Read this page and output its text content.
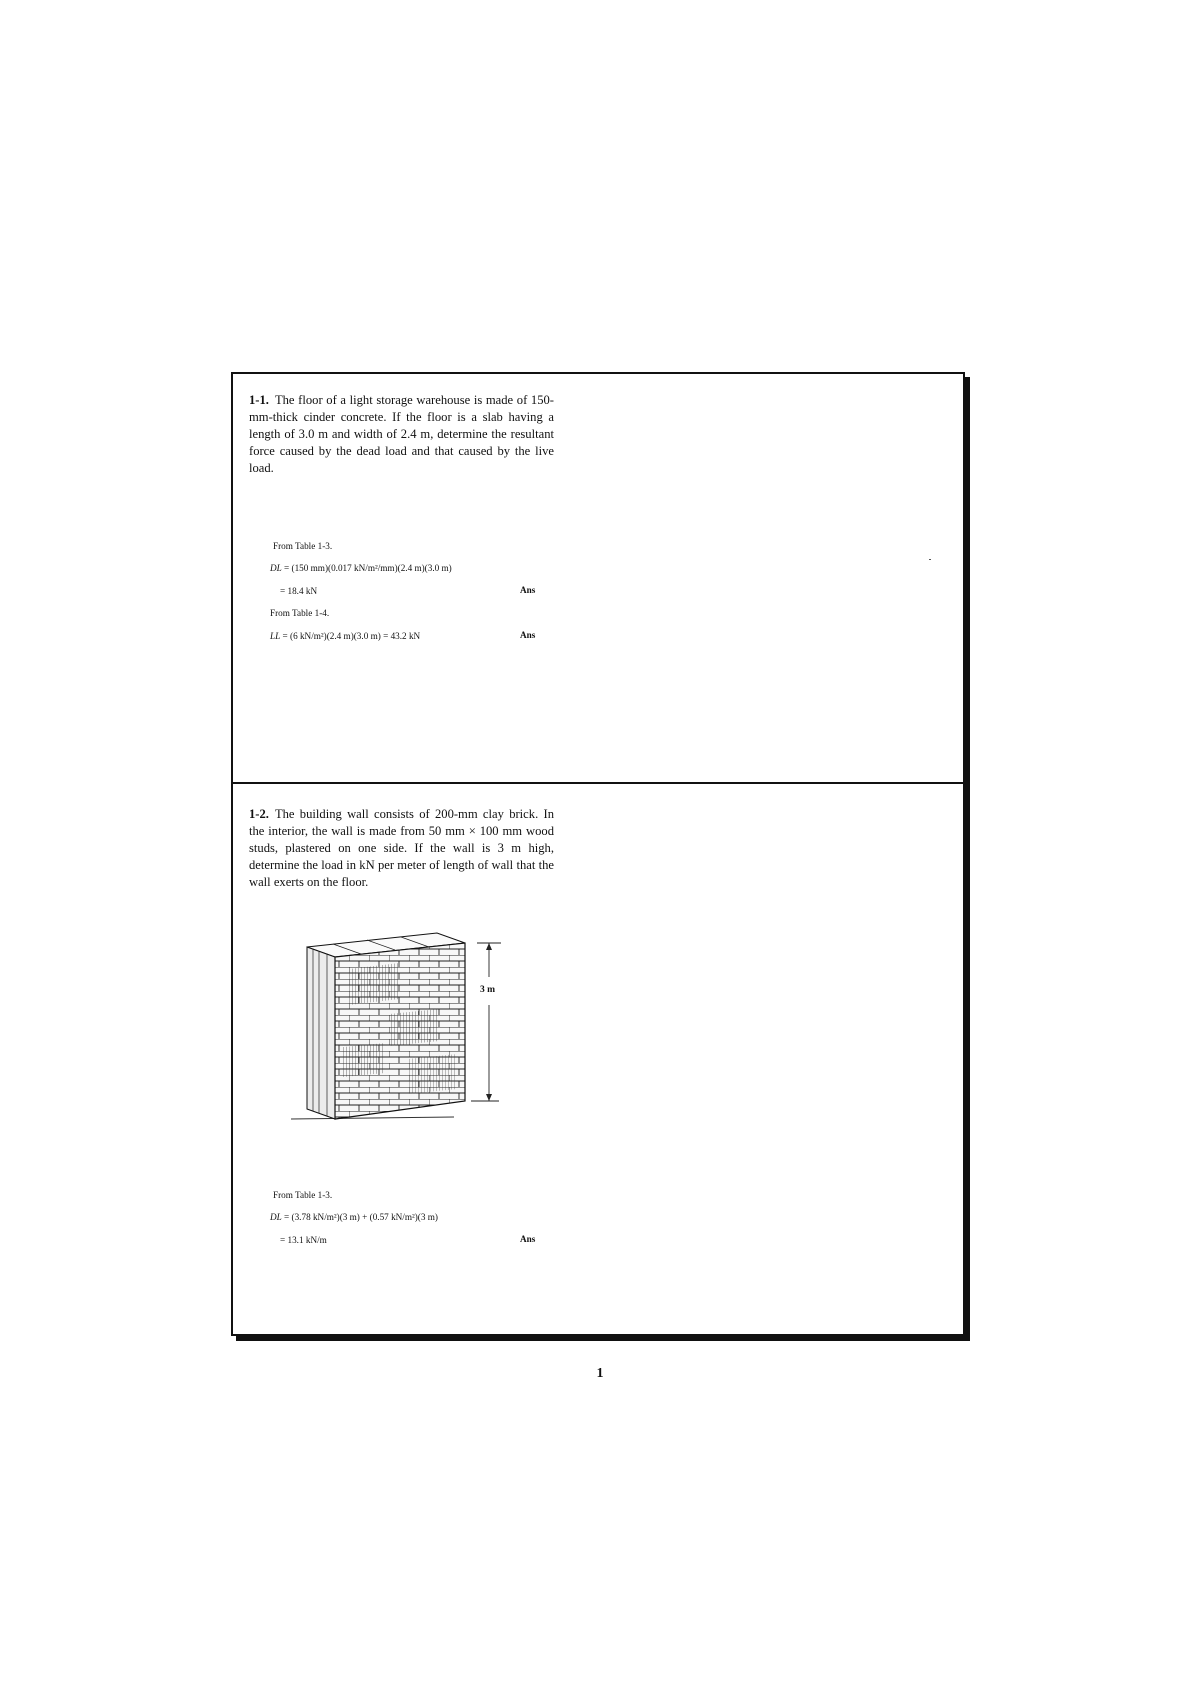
1-1. The floor of a light storage warehouse is made of 150-mm-thick cinder concrete. If the floor is a slab having a length of 3.0 m and width of 2.4 m, determine the resultant force caused by the dead load and that caused by the live load.
From Table 1-3.
DL = (150 mm)(0.017 kN/m²/mm)(2.4 m)(3.0 m)
= 18.4 kN	Ans
From Table 1-4.
LL = (6 kN/m²)(2.4 m)(3.0 m) = 43.2 kN	Ans
1-2. The building wall consists of 200-mm clay brick. In the interior, the wall is made from 50 mm × 100 mm wood studs, plastered on one side. If the wall is 3 m high, determine the load in kN per meter of length of wall that the wall exerts on the floor.
3 m
From Table 1-3.
DL = (3.78 kN/m²)(3 m) + (0.57 kN/m²)(3 m)
= 13.1 kN/m	Ans
1
